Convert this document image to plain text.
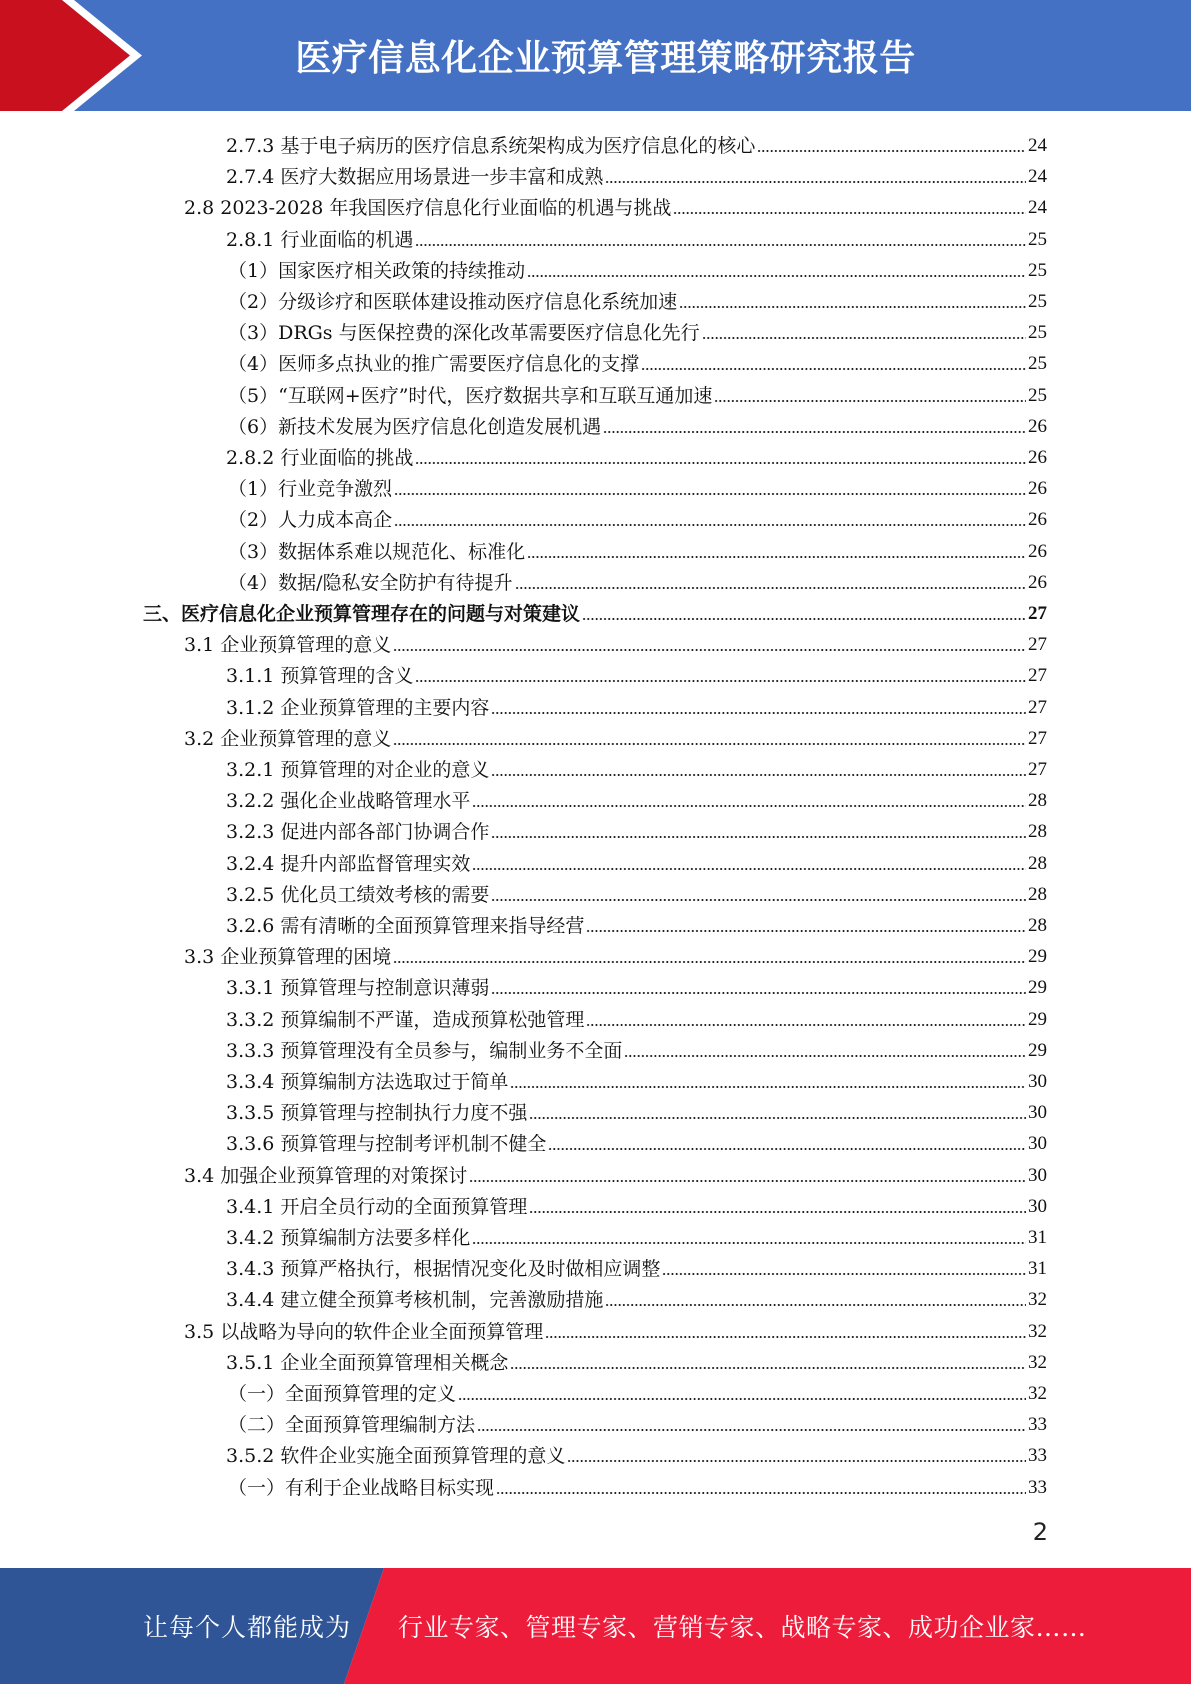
医疗信息化企业预算管理策略研究报告
2.7.3 基于电子病历的医疗信息系统架构成为医疗信息化的核心	24
2.7.4 医疗大数据应用场景进一步丰富和成熟	24
2.8 2023-2028 年我国医疗信息化行业面临的机遇与挑战	24
2.8.1 行业面临的机遇	25
（1）国家医疗相关政策的持续推动	25
（2）分级诊疗和医联体建设推动医疗信息化系统加速	25
（3）DRGs 与医保控费的深化改革需要医疗信息化先行	25
（4）医师多点执业的推广需要医疗信息化的支撑	25
（5）“互联网+医疗”时代，医疗数据共享和互联互通加速	25
（6）新技术发展为医疗信息化创造发展机遇	26
2.8.2 行业面临的挑战	26
（1）行业竞争激烈	26
（2）人力成本高企	26
（3）数据体系难以规范化、标准化	26
（4）数据/隐私安全防护有待提升	26
三、医疗信息化企业预算管理存在的问题与对策建议	27
3.1 企业预算管理的意义	27
3.1.1 预算管理的含义	27
3.1.2 企业预算管理的主要内容	27
3.2 企业预算管理的意义	27
3.2.1 预算管理的对企业的意义	27
3.2.2 强化企业战略管理水平	28
3.2.3 促进内部各部门协调合作	28
3.2.4 提升内部监督管理实效	28
3.2.5 优化员工绩效考核的需要	28
3.2.6 需有清晰的全面预算管理来指导经营	28
3.3 企业预算管理的困境	29
3.3.1 预算管理与控制意识薄弱	29
3.3.2 预算编制不严谨，造成预算松弛管理	29
3.3.3 预算管理没有全员参与，编制业务不全面	29
3.3.4 预算编制方法选取过于简单	30
3.3.5 预算管理与控制执行力度不强	30
3.3.6 预算管理与控制考评机制不健全	30
3.4 加强企业预算管理的对策探讨	30
3.4.1 开启全员行动的全面预算管理	30
3.4.2 预算编制方法要多样化	31
3.4.3 预算严格执行，根据情况变化及时做相应调整	31
3.4.4 建立健全预算考核机制，完善激励措施	32
3.5 以战略为导向的软件企业全面预算管理	32
3.5.1 企业全面预算管理相关概念	32
（一）全面预算管理的定义	32
（二）全面预算管理编制方法	33
3.5.2 软件企业实施全面预算管理的意义	33
（一）有利于企业战略目标实现	33
2
让每个人都能成为 行业专家、管理专家、营销专家、战略专家、成功企业家……
